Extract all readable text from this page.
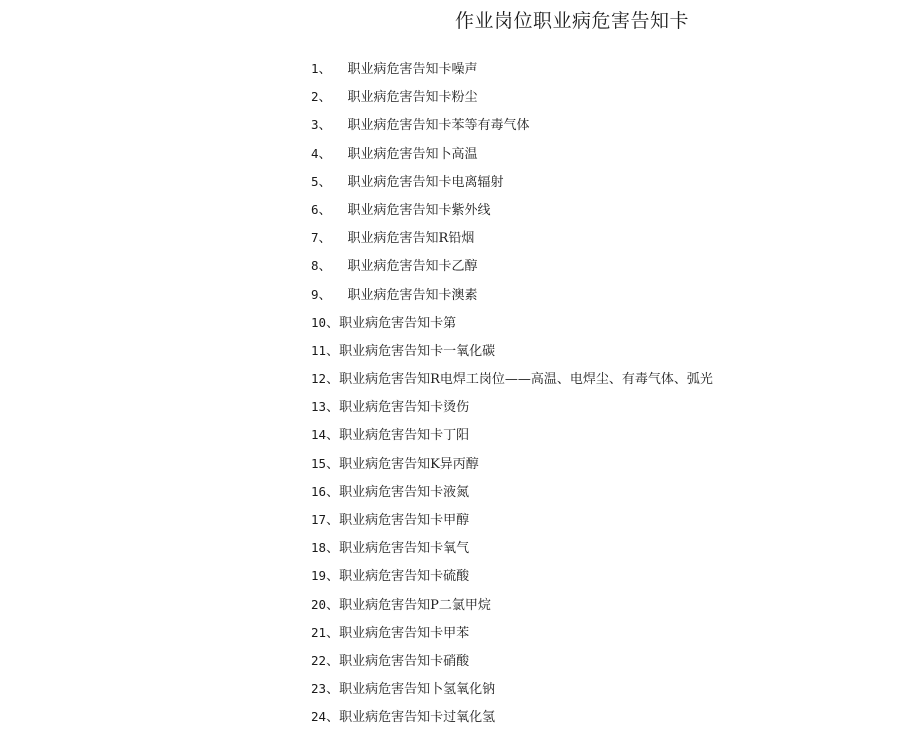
作业岗位职业病危害告知卡
1、 职业病危害告知卡噪声
2、 职业病危害告知卡粉尘
3、 职业病危害告知卡苯等有毒气体
4、 职业病危害告知卜高温
5、 职业病危害告知卡电离辐射
6、 职业病危害告知卡紫外线
7、 职业病危害告知R铅烟
8、 职业病危害告知卡乙醇
9、 职业病危害告知卡澳素
10、职业病危害告知卡第
11、职业病危害告知卡一氧化碳
12、职业病危害告知R电焊工岗位——高温、电焊尘、有毒气体、弧光
13、职业病危害告知卡烫伤
14、职业病危害告知卡丁阳
15、职业病危害告知K异丙醇
16、职业病危害告知卡液氮
17、职业病危害告知卡甲醇
18、职业病危害告知卡氧气
19、职业病危害告知卡硫酸
20、职业病危害告知P二氯甲烷
21、职业病危害告知卡甲苯
22、职业病危害告知卡硝酸
23、职业病危害告知卜氢氧化钠
24、职业病危害告知卡过氧化氢
